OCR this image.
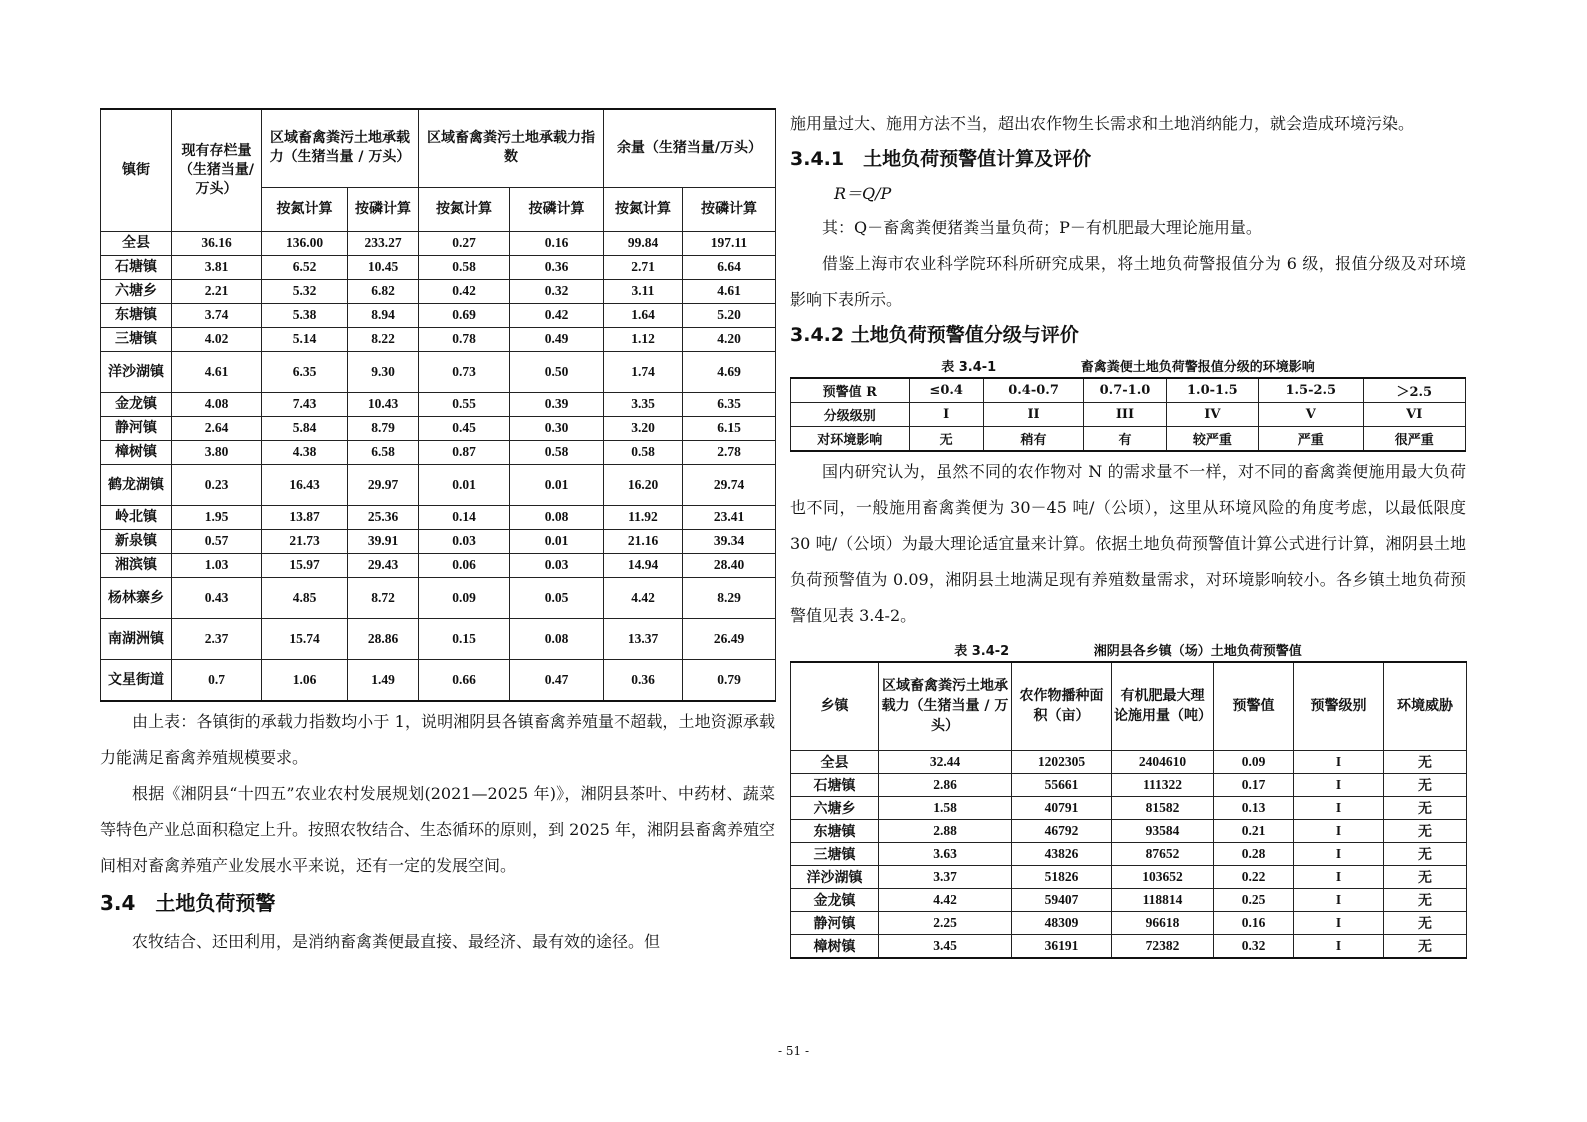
镇街	现有存栏量（生猪当量/万头）	区域畜禽粪污土地承载力（生猪当量 / 万头）		区域畜禽粪污土地承载力指数		余量（生猪当量/万头）	
		按氮计算	按磷计算	按氮计算	按磷计算	按氮计算	按磷计算
全县	36.16	136.00	233.27	0.27	0.16	99.84	197.11
石塘镇	3.81	6.52	10.45	0.58	0.36	2.71	6.64
六塘乡	2.21	5.32	6.82	0.42	0.32	3.11	4.61
东塘镇	3.74	5.38	8.94	0.69	0.42	1.64	5.20
三塘镇	4.02	5.14	8.22	0.78	0.49	1.12	4.20
洋沙湖镇	4.61	6.35	9.30	0.73	0.50	1.74	4.69
金龙镇	4.08	7.43	10.43	0.55	0.39	3.35	6.35
静河镇	2.64	5.84	8.79	0.45	0.30	3.20	6.15
樟树镇	3.80	4.38	6.58	0.87	0.58	0.58	2.78
鹤龙湖镇	0.23	16.43	29.97	0.01	0.01	16.20	29.74
岭北镇	1.95	13.87	25.36	0.14	0.08	11.92	23.41
新泉镇	0.57	21.73	39.91	0.03	0.01	21.16	39.34
湘滨镇	1.03	15.97	29.43	0.06	0.03	14.94	28.40
杨林寨乡	0.43	4.85	8.72	0.09	0.05	4.42	8.29
南湖洲镇	2.37	15.74	28.86	0.15	0.08	13.37	26.49
文星街道	0.7	1.06	1.49	0.66	0.47	0.36	0.79

由上表：各镇街的承载力指数均小于 1，说明湘阴县各镇畜禽养殖量不超载，土地资源承载力能满足畜禽养殖规模要求。

根据《湘阴县“十四五”农业农村发展规划(2021—2025 年)》，湘阴县茶叶、中药材、蔬菜等特色产业总面积稳定上升。按照农牧结合、生态循环的原则，到 2025 年，湘阴县畜禽养殖空间相对畜禽养殖产业发展水平来说，还有一定的发展空间。

3.4　土地负荷预警

农牧结合、还田利用，是消纳畜禽粪便最直接、最经济、最有效的途径。但

施用量过大、施用方法不当，超出农作物生长需求和土地消纳能力，就会造成环境污染。

3.4.1　土地负荷预警值计算及评价

R＝Q/P

其：Q－畜禽粪便猪粪当量负荷；P－有机肥最大理论施用量。

借鉴上海市农业科学院环科所研究成果，将土地负荷警报值分为 6 级，报值分级及对环境影响下表所示。

3.4.2 土地负荷预警值分级与评价
表 3.4-1	畜禽粪便土地负荷警报值分级的环境影响
预警值 R	≤0.4	0.4-0.7	0.7-1.0	1.0-1.5	1.5-2.5	＞2.5
分级级别	I	II	III	IV	V	VI
对环境影响	无	稍有	有	较严重	严重	很严重

国内研究认为，虽然不同的农作物对 N 的需求量不一样，对不同的畜禽粪便施用最大负荷也不同，一般施用畜禽粪便为 30－45 吨/（公顷），这里从环境风险的角度考虑，以最低限度 30 吨/（公顷）为最大理论适宜量来计算。依据土地负荷预警值计算公式进行计算，湘阴县土地负荷预警值为 0.09，湘阴县土地满足现有养殖数量需求，对环境影响较小。各乡镇土地负荷预警值见表 3.4-2。

表 3.4-2	湘阴县各乡镇（场）土地负荷预警值
乡镇	区域畜禽粪污土地承载力（生猪当量 / 万头）	农作物播种面积（亩）	有机肥最大理论施用量（吨）	预警值	预警级别	环境威胁
全县	32.44	1202305	2404610	0.09	I	无
石塘镇	2.86	55661	111322	0.17	I	无
六塘乡	1.58	40791	81582	0.13	I	无
东塘镇	2.88	46792	93584	0.21	I	无
三塘镇	3.63	43826	87652	0.28	I	无
洋沙湖镇	3.37	51826	103652	0.22	I	无
金龙镇	4.42	59407	118814	0.25	I	无
静河镇	2.25	48309	96618	0.16	I	无
樟树镇	3.45	36191	72382	0.32	I	无
- 51 -
